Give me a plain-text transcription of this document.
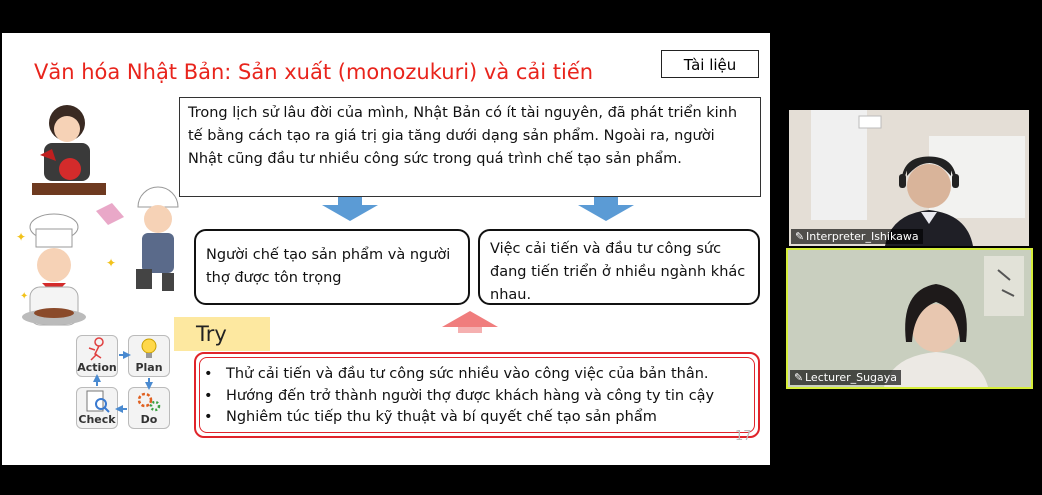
Văn hóa Nhật Bản: Sản xuất (monozukuri) và cải tiến	Tài liệu
✦
✦
✦
Trong lịch sử lâu đời của mình, Nhật Bản có ít tài nguyên, đã phát triển kinh tế bằng cách tạo ra giá trị gia tăng dưới dạng sản phẩm. Ngoài ra, người Nhật cũng đầu tư nhiều công sức trong quá trình chế tạo sản phẩm.
Người chế tạo sản phẩm và người thợ được tôn trọng
Việc cải tiến và đầu tư công sức đang tiến triển ở nhiều ngành khác nhau.
Try
Action	Plan
Check	Do
• Thử cải tiến và đầu tư công sức nhiều vào công việc của bản thân.
• Hướng đến trở thành người thợ được khách hàng và công ty tin cậy
• Nghiêm túc tiếp thu kỹ thuật và bí quyết chế tạo sản phẩm
17
✎ Interpreter_Ishikawa
✎ Lecturer_Sugaya
